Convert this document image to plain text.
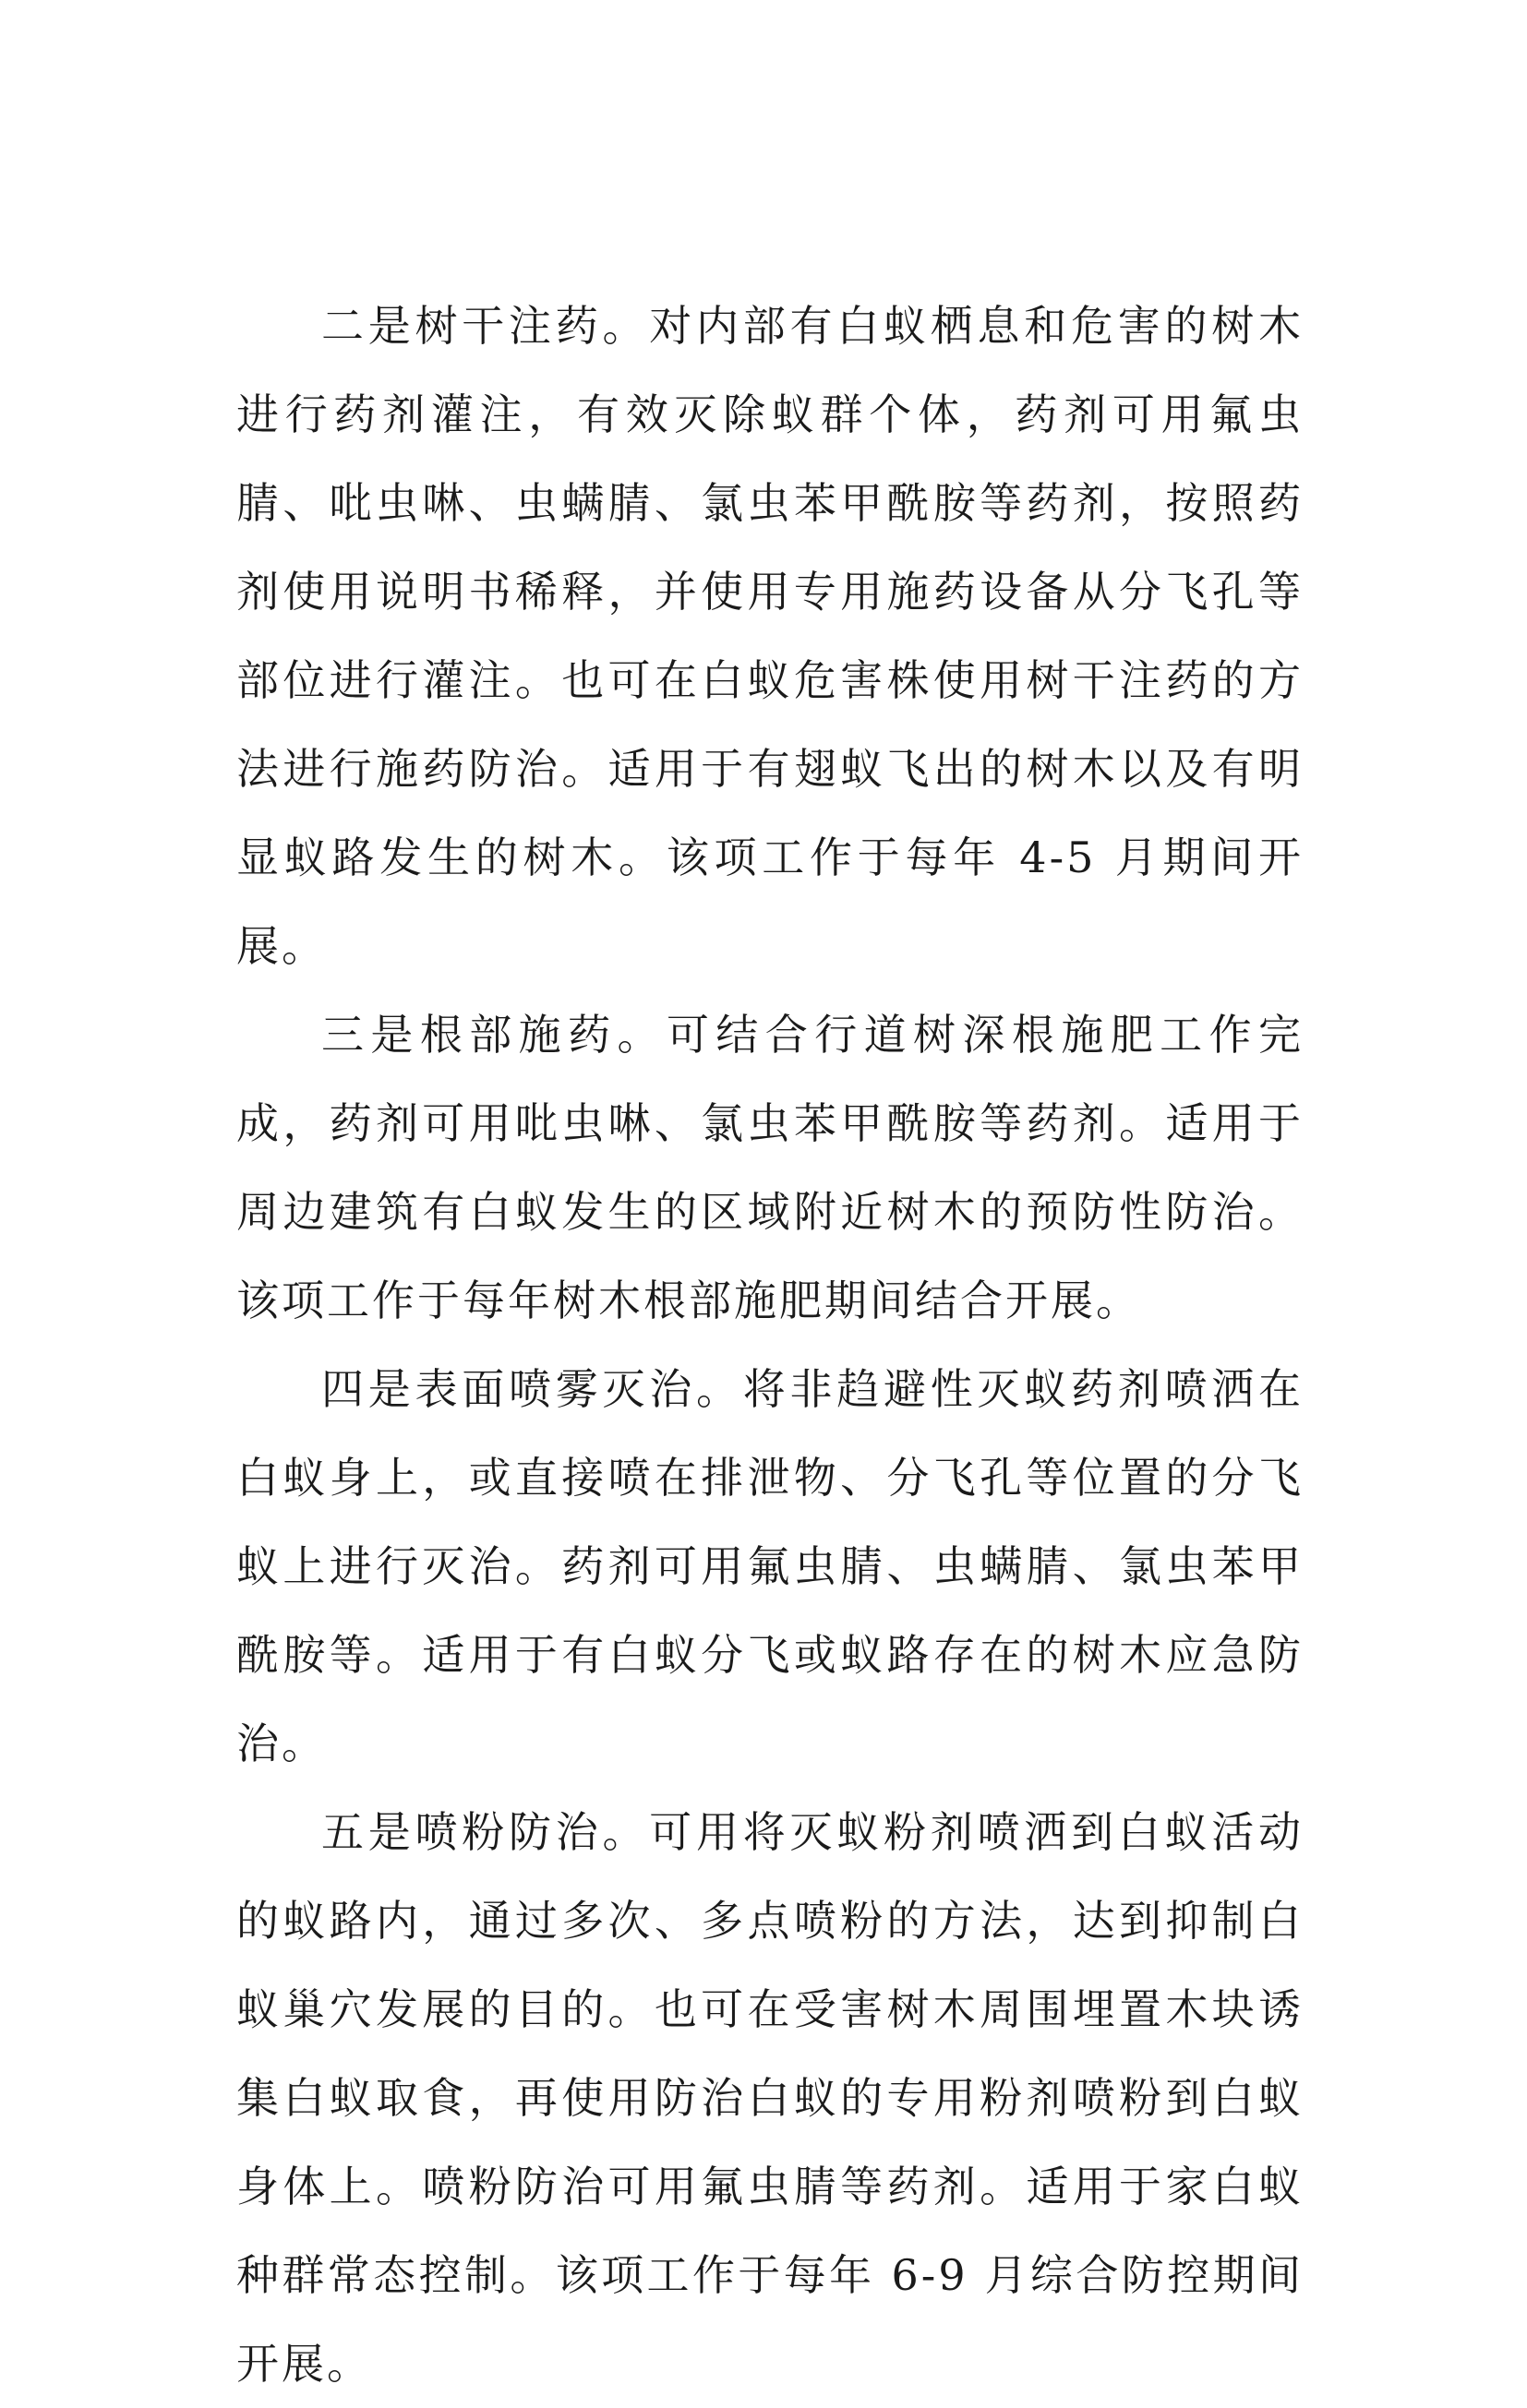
二是树干注药。对内部有白蚁栖息和危害的树木进行药剂灌注，有效灭除蚁群个体，药剂可用氟虫腈、吡虫啉、虫螨腈、氯虫苯甲酰胺等药剂，按照药剂使用说明书稀释，并使用专用施药设备从分飞孔等部位进行灌注。也可在白蚁危害株使用树干注药的方法进行施药防治。适用于有翅蚁飞出的树木以及有明显蚁路发生的树木。该项工作于每年 4-5 月期间开展。

三是根部施药。可结合行道树深根施肥工作完成，药剂可用吡虫啉、氯虫苯甲酰胺等药剂。适用于周边建筑有白蚁发生的区域附近树木的预防性防治。该项工作于每年树木根部施肥期间结合开展。

四是表面喷雾灭治。将非趋避性灭蚁药剂喷洒在白蚁身上，或直接喷在排泄物、分飞孔等位置的分飞蚁上进行灭治。药剂可用氟虫腈、虫螨腈、氯虫苯甲酰胺等。适用于有白蚁分飞或蚁路存在的树木应急防治。

五是喷粉防治。可用将灭蚁粉剂喷洒到白蚁活动的蚁路内，通过多次、多点喷粉的方法，达到抑制白蚁巢穴发展的目的。也可在受害树木周围埋置木块诱集白蚁取食，再使用防治白蚁的专用粉剂喷粉到白蚁身体上。喷粉防治可用氟虫腈等药剂。适用于家白蚁种群常态控制。该项工作于每年 6-9 月综合防控期间开展。
